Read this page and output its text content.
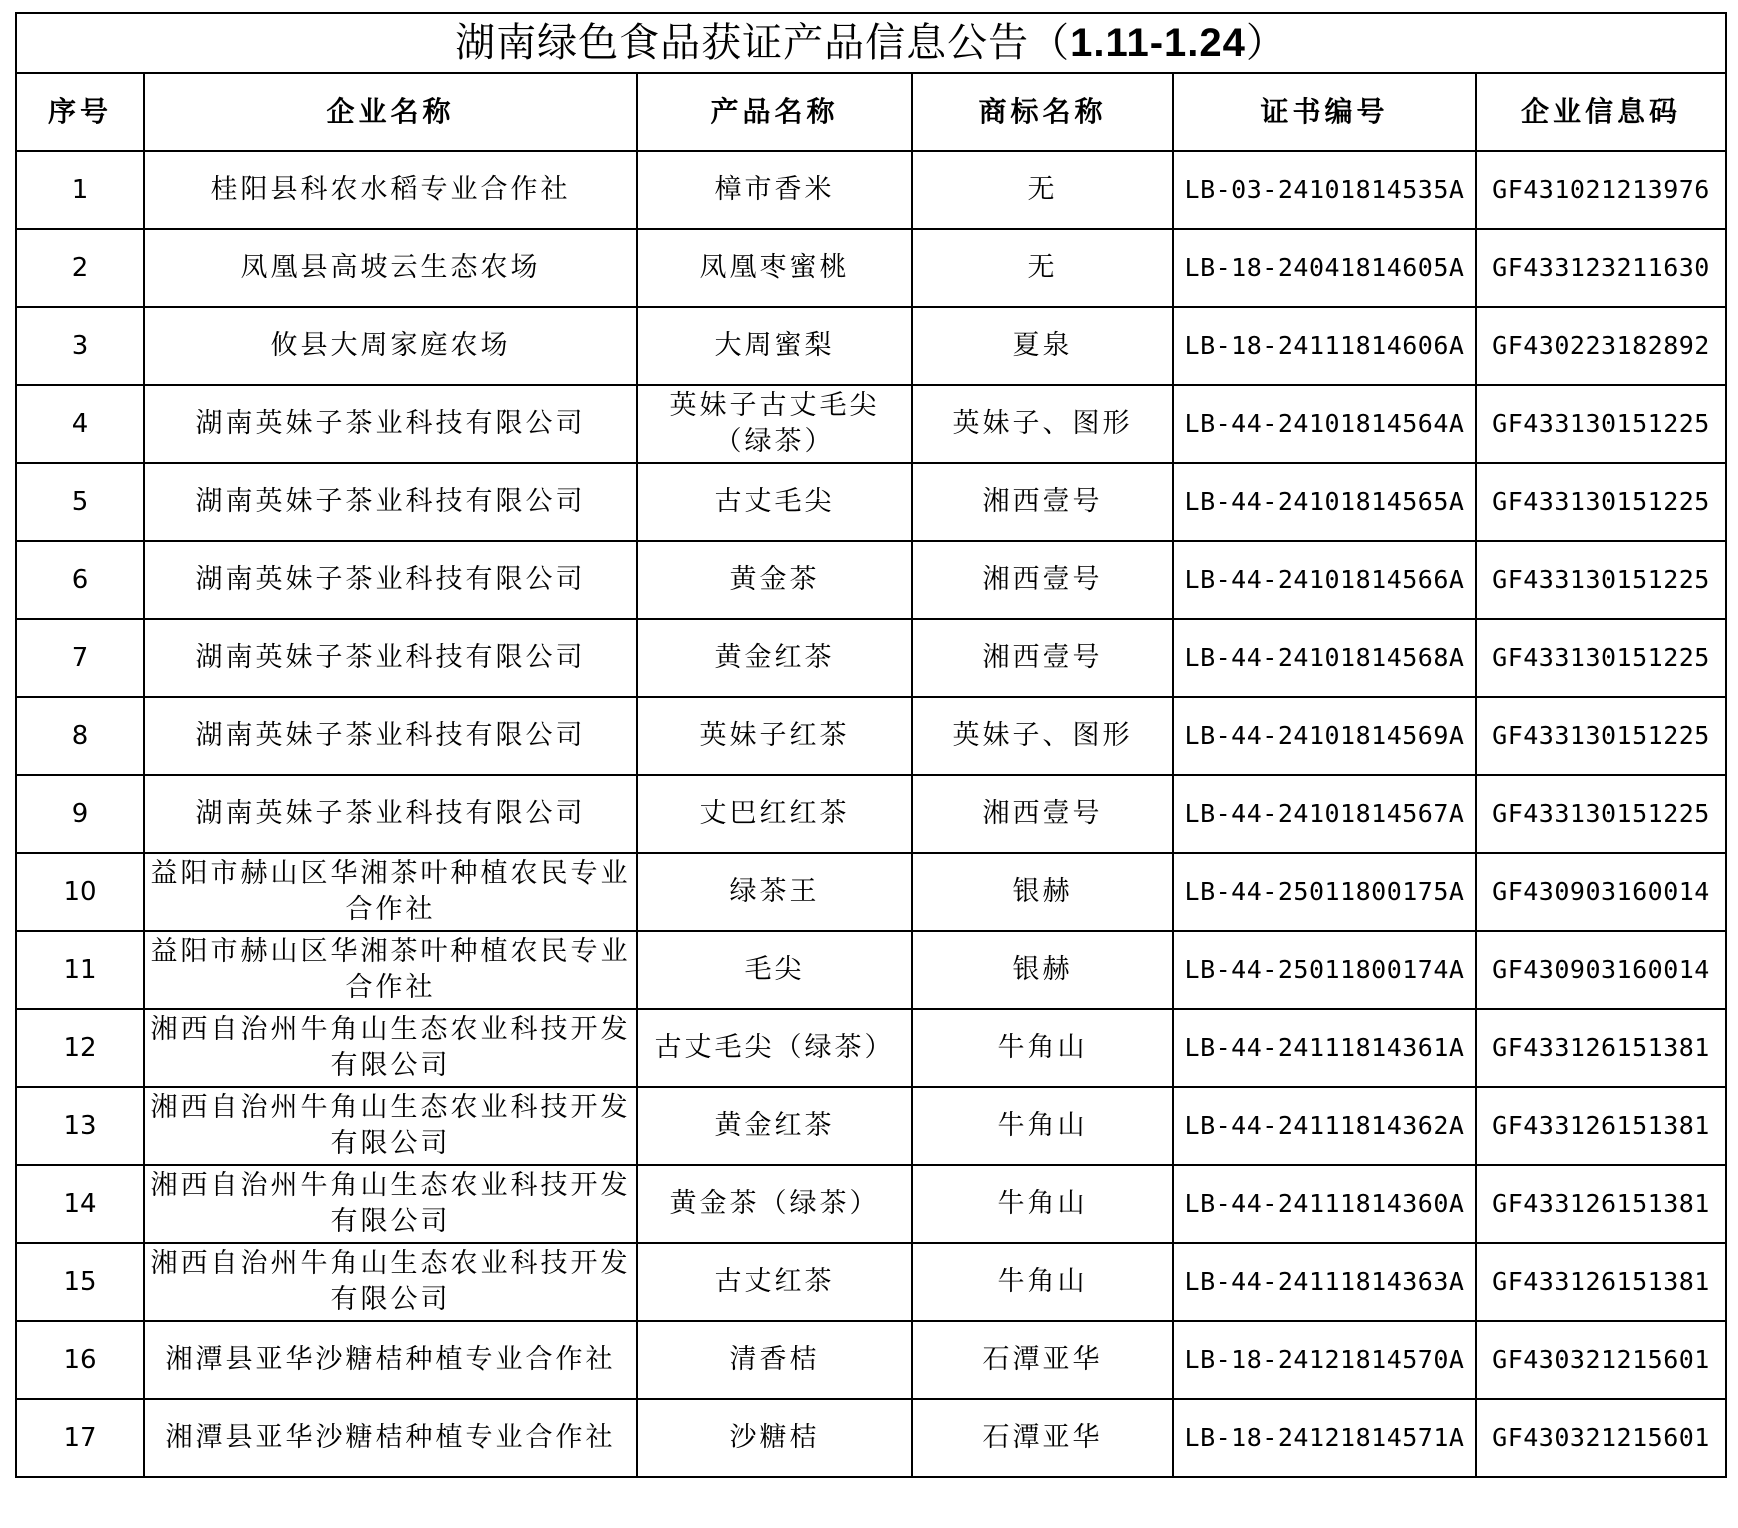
湖南绿色食品获证产品信息公告（1.11-1.24）					
序号	企业名称	产品名称	商标名称	证书编号	企业信息码
1	桂阳县科农水稻专业合作社	樟市香米	无	LB-03-24101814535A	GF431021213976
2	凤凰县高坡云生态农场	凤凰枣蜜桃	无	LB-18-24041814605A	GF433123211630
3	攸县大周家庭农场	大周蜜梨	夏泉	LB-18-24111814606A	GF430223182892
4	湖南英妹子茶业科技有限公司	英妹子古丈毛尖（绿茶）	英妹子、图形	LB-44-24101814564A	GF433130151225
5	湖南英妹子茶业科技有限公司	古丈毛尖	湘西壹号	LB-44-24101814565A	GF433130151225
6	湖南英妹子茶业科技有限公司	黄金茶	湘西壹号	LB-44-24101814566A	GF433130151225
7	湖南英妹子茶业科技有限公司	黄金红茶	湘西壹号	LB-44-24101814568A	GF433130151225
8	湖南英妹子茶业科技有限公司	英妹子红茶	英妹子、图形	LB-44-24101814569A	GF433130151225
9	湖南英妹子茶业科技有限公司	丈巴红红茶	湘西壹号	LB-44-24101814567A	GF433130151225
10	益阳市赫山区华湘茶叶种植农民专业合作社	绿茶王	银赫	LB-44-25011800175A	GF430903160014
11	益阳市赫山区华湘茶叶种植农民专业合作社	毛尖	银赫	LB-44-25011800174A	GF430903160014
12	湘西自治州牛角山生态农业科技开发有限公司	古丈毛尖（绿茶）	牛角山	LB-44-24111814361A	GF433126151381
13	湘西自治州牛角山生态农业科技开发有限公司	黄金红茶	牛角山	LB-44-24111814362A	GF433126151381
14	湘西自治州牛角山生态农业科技开发有限公司	黄金茶（绿茶）	牛角山	LB-44-24111814360A	GF433126151381
15	湘西自治州牛角山生态农业科技开发有限公司	古丈红茶	牛角山	LB-44-24111814363A	GF433126151381
16	湘潭县亚华沙糖桔种植专业合作社	清香桔	石潭亚华	LB-18-24121814570A	GF430321215601
17	湘潭县亚华沙糖桔种植专业合作社	沙糖桔	石潭亚华	LB-18-24121814571A	GF430321215601
